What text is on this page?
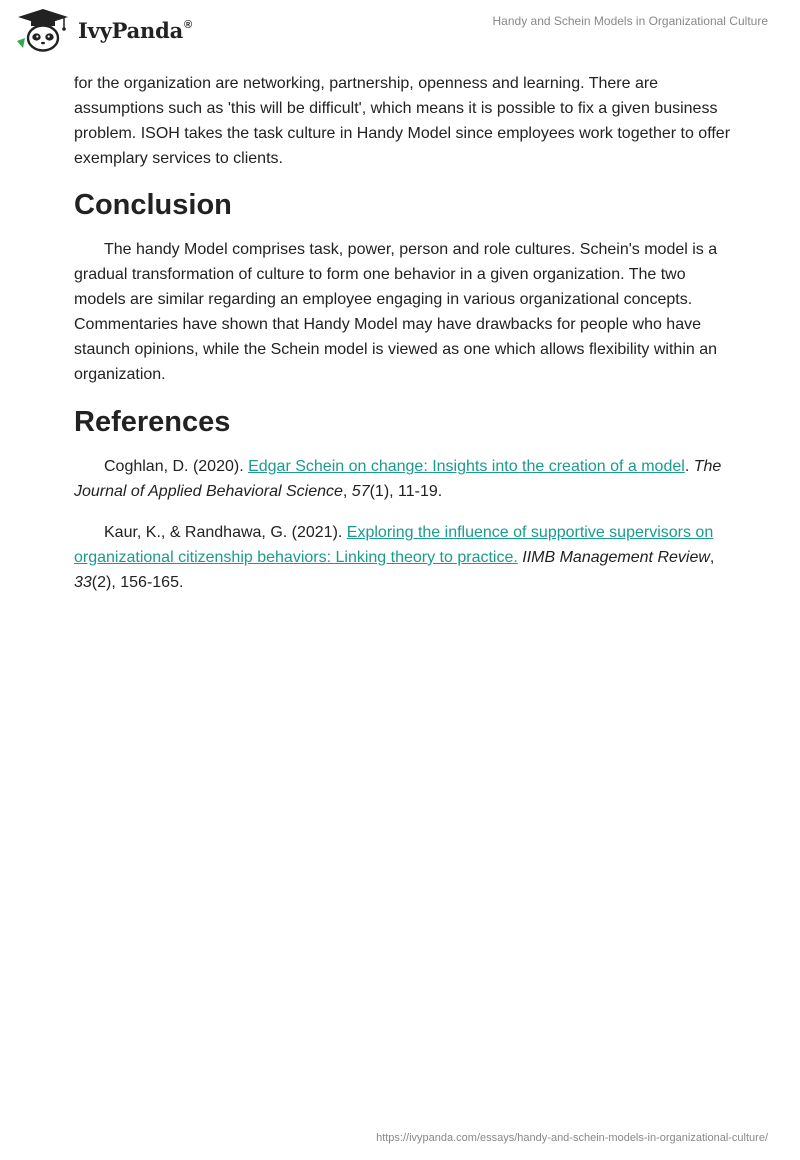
IvyPanda®	Handy and Schein Models in Organizational Culture

for the organization are networking, partnership, openness and learning. There are assumptions such as 'this will be difficult', which means it is possible to fix a given business problem. ISOH takes the task culture in Handy Model since employees work together to offer exemplary services to clients.

Conclusion

The handy Model comprises task, power, person and role cultures. Schein's model is a gradual transformation of culture to form one behavior in a given organization. The two models are similar regarding an employee engaging in various organizational concepts. Commentaries have shown that Handy Model may have drawbacks for people who have staunch opinions, while the Schein model is viewed as one which allows flexibility within an organization.

References

Coghlan, D. (2020). Edgar Schein on change: Insights into the creation of a model. The Journal of Applied Behavioral Science, 57(1), 11-19.

Kaur, K., & Randhawa, G. (2021). Exploring the influence of supportive supervisors on organizational citizenship behaviors: Linking theory to practice. IIMB Management Review, 33(2), 156-165.

https://ivypanda.com/essays/handy-and-schein-models-in-organizational-culture/
